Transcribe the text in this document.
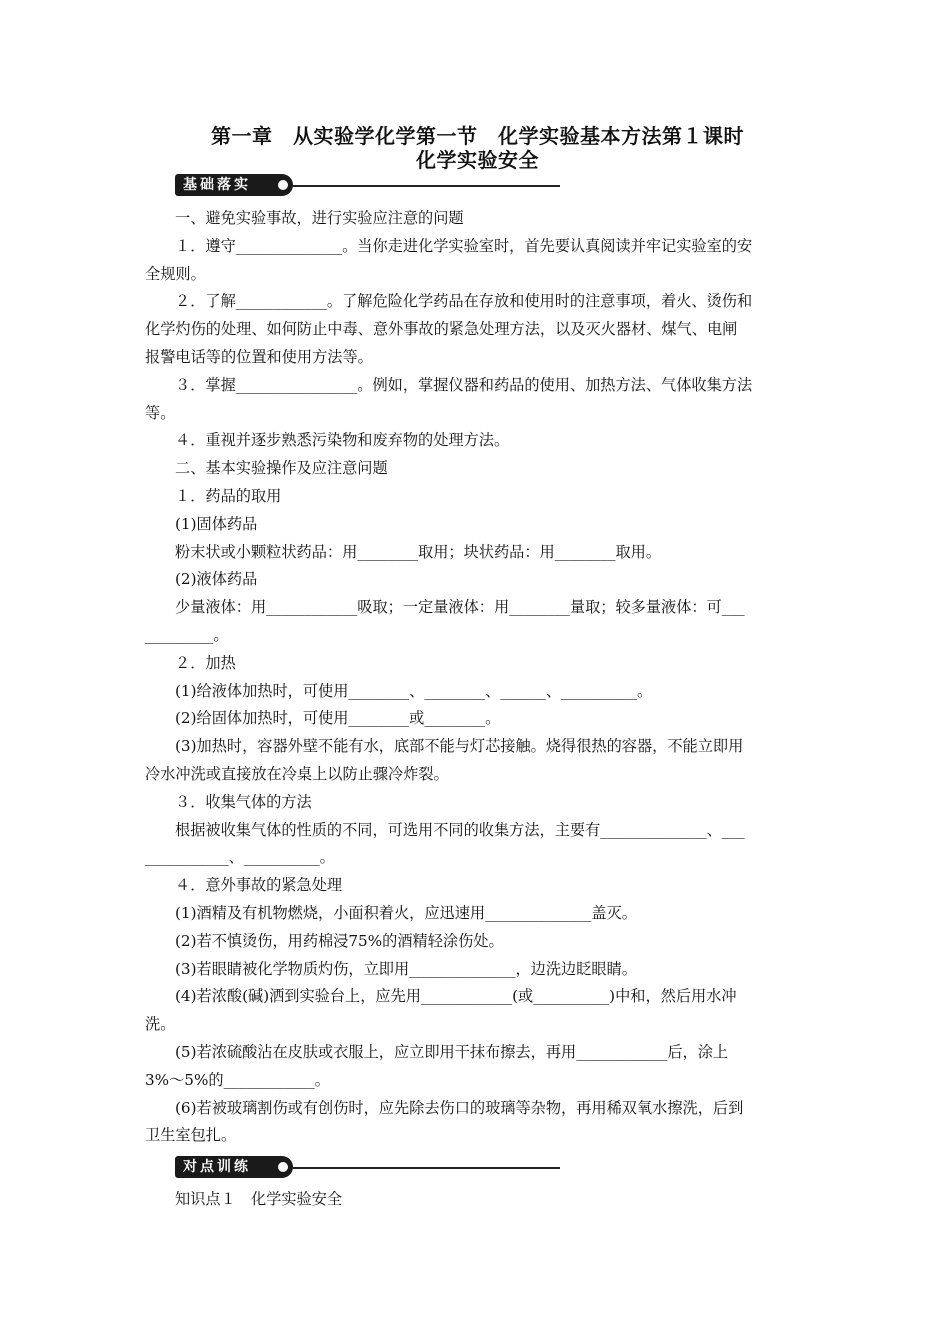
第一章　从实验学化学第一节　化学实验基本方法第１课时
化学实验安全
基础落实
一、避免实验事故，进行实验应注意的问题
１．遵守______________。当你走进化学实验室时，首先要认真阅读并牢记实验室的安
全规则。
２．了解____________。了解危险化学药品在存放和使用时的注意事项，着火、烫伤和
化学灼伤的处理、如何防止中毒、意外事故的紧急处理方法，以及灭火器材、煤气、电闸
报警电话等的位置和使用方法等。
３．掌握________________。例如，掌握仪器和药品的使用、加热方法、气体收集方法
等。
４．重视并逐步熟悉污染物和废弃物的处理方法。
二、基本实验操作及应注意问题
１．药品的取用
(1)固体药品
粉末状或小颗粒状药品：用________取用；块状药品：用________取用。
(2)液体药品
少量液体：用____________吸取；一定量液体：用________量取；较多量液体：可___
_________。
２．加热
(1)给液体加热时，可使用________、________、______、__________。
(2)给固体加热时，可使用________或________。
(3)加热时，容器外壁不能有水，底部不能与灯芯接触。烧得很热的容器，不能立即用
冷水冲洗或直接放在冷桌上以防止骤冷炸裂。
３．收集气体的方法
根据被收集气体的性质的不同，可选用不同的收集方法，主要有______________、___
___________、__________。
４．意外事故的紧急处理
(1)酒精及有机物燃烧，小面积着火，应迅速用______________盖灭。
(2)若不慎烫伤，用药棉浸75%的酒精轻涂伤处。
(3)若眼睛被化学物质灼伤，立即用______________，边洗边眨眼睛。
(4)若浓酸(碱)洒到实验台上，应先用____________(或__________)中和，然后用水冲
洗。
(5)若浓硫酸沾在皮肤或衣服上，应立即用干抹布擦去，再用____________后，涂上
3%～5%的____________。
(6)若被玻璃割伤或有创伤时，应先除去伤口的玻璃等杂物，再用稀双氧水擦洗，后到
卫生室包扎。
对点训练
知识点１　化学实验安全
